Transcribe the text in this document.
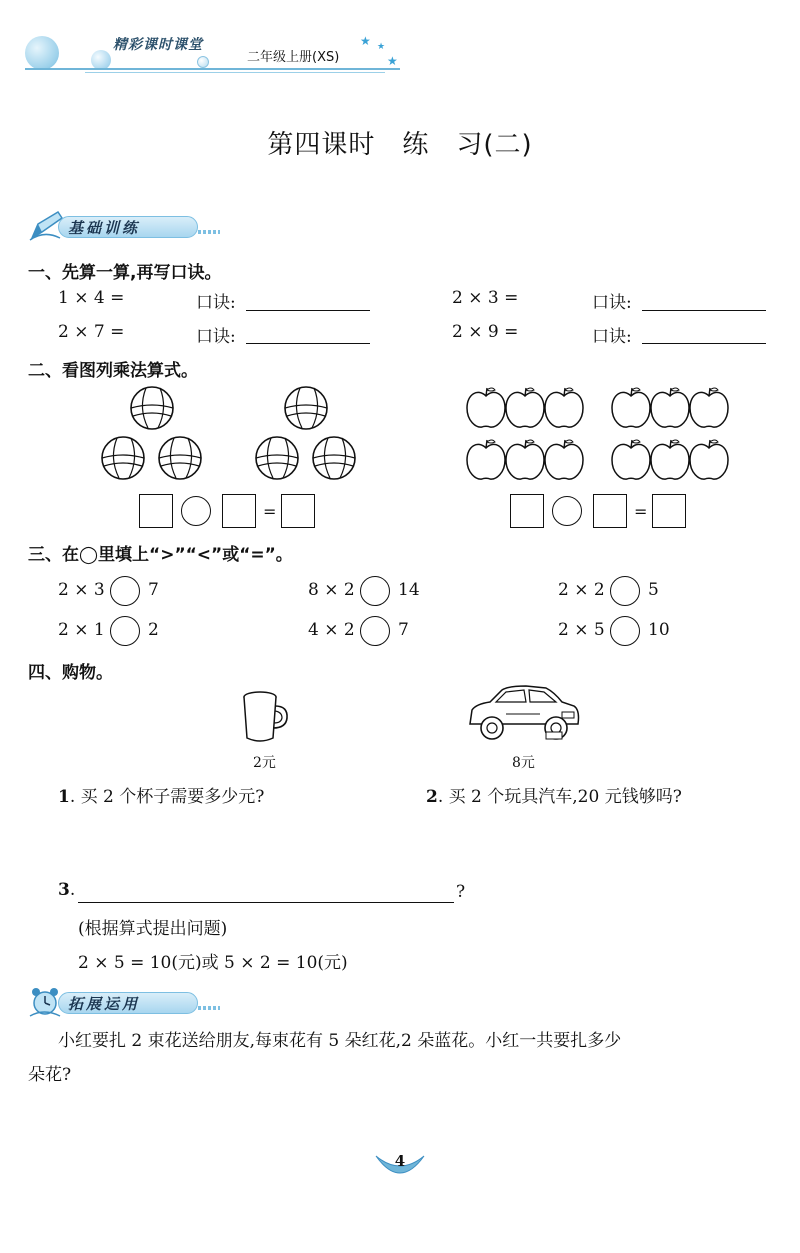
精彩课时课堂
二年级上册(XS)
★ ★
★
第四课时　练　习(二)
基础训练
一、先算一算,再写口诀。
1 × 4 =	口诀:	2 × 3 =	口诀:
2 × 7 =	口诀:	2 × 9 =	口诀:
二、看图列乘法算式。
=	=
三、在◯里填上“>”“<”或“=”。
2 × 3	7	8 × 2	14	2 × 2	5
2 × 1	2	4 × 2	7	2 × 5	10
四、购物。
2元	8元
1. 买 2 个杯子需要多少元?	2. 买 2 个玩具汽车,20 元钱够吗?
3.	?
(根据算式提出问题)
2 × 5 = 10(元)或 5 × 2 = 10(元)
拓展运用
小红要扎 2 束花送给朋友,每束花有 5 朵红花,2 朵蓝花。小红一共要扎多少
朵花?
4
